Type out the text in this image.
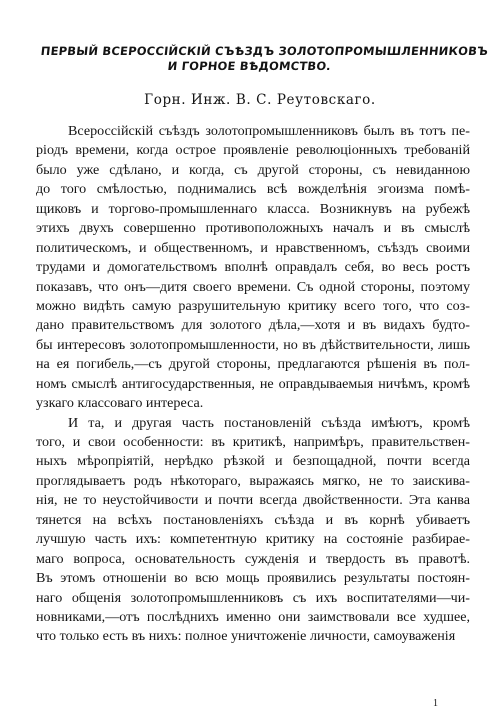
ПЕРВЫЙ ВСЕРОССІЙСКІЙ СЪѢЗДЪ ЗОЛОТОПРОМЫШЛЕННИКОВЪ
И ГОРНОЕ ВѢДОМСТВО.
Горн. Инж. В. С. Реутовскаго.
Всероссійскій съѣздъ золотопромышленниковъ былъ въ тотъ пе-
ріодъ времени, когда острое проявленіе революціонныхъ требованій
было уже сдѣлано, и когда, съ другой стороны, съ невиданною
до того смѣлостью, поднимались всѣ вожделѣнія эгоизма помѣ-
щиковъ и торгово-промышленнаго класса. Возникнувъ на рубежѣ
этихъ двухъ совершенно противоположныхъ началъ и въ смыслѣ
политическомъ, и общественномъ, и нравственномъ, съѣздъ своими
трудами и домогательствомъ вполнѣ оправдалъ себя, во весь ростъ
показавъ, что онъ—дитя своего времени. Съ одной стороны, поэтому
можно видѣть самую разрушительную критику всего того, что соз-
дано правительствомъ для золотого дѣла,—хотя и въ видахъ будто-
бы интересовъ золотопромышленности, но въ дѣйствительности, лишь
на ея погибель,—съ другой стороны, предлагаются рѣшенія въ пол-
номъ смыслѣ антигосударственныя, не оправдываемыя ничѣмъ, кромѣ
узкаго классоваго интереса.
И та, и другая часть постановленій съѣзда имѣютъ, кромѣ
того, и свои особенности: въ критикѣ, напримѣръ, правительствен-
ныхъ мѣропріятій, нерѣдко рѣзкой и безпощадной, почти всегда
проглядываетъ родъ нѣкотораго, выражаясь мягко, не то заискива-
нія, не то неустойчивости и почти всегда двойственности. Эта канва
тянется на всѣхъ постановленіяхъ съѣзда и въ корнѣ убиваетъ
лучшую часть ихъ: компетентную критику на состояніе разбирае-
маго вопроса, основательность сужденія и твердость въ правотѣ.
Въ этомъ отношеніи во всю мощь проявились результаты постоян-
наго общенія золотопромышленниковъ съ ихъ воспитателями—чи-
новниками,—отъ послѣднихъ именно они заимствовали все худшее,
что только есть въ нихъ: полное уничтоженіе личности, самоуваженія
1
